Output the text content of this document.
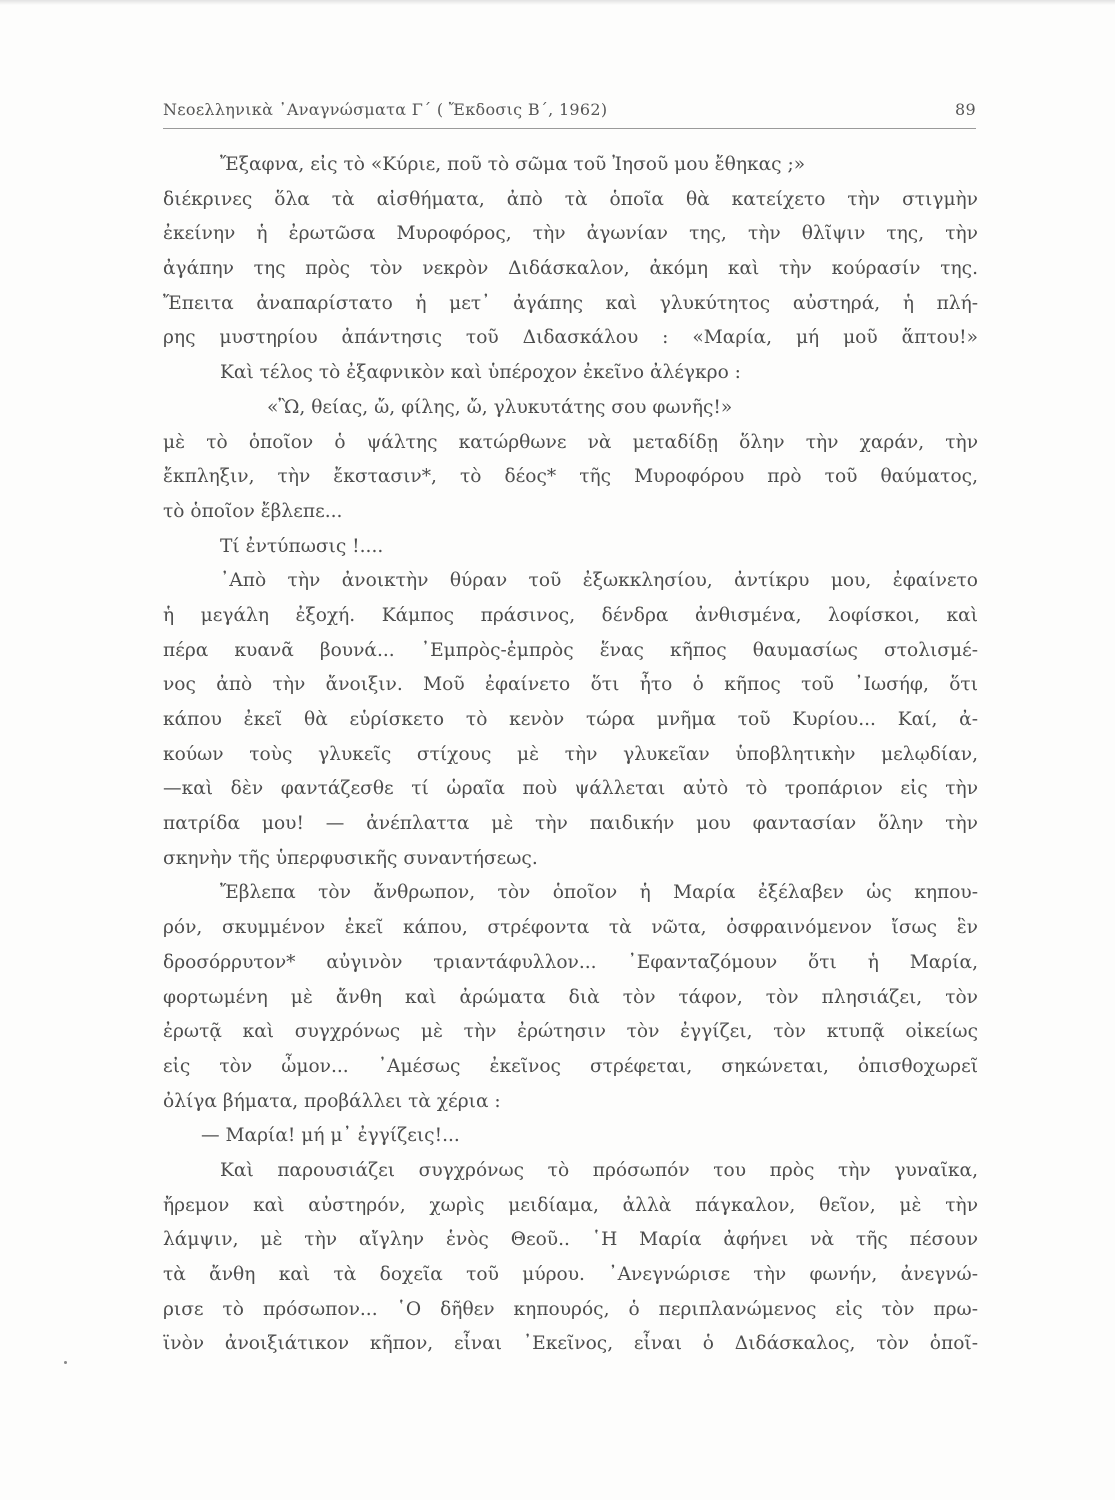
Νεοελληνικὰ ᾿Αναγνώσματα Γ΄ ( Ἔκδοσις Β΄, 1962)	89
Ἔξαφνα, εἰς τὸ «Κύριε, ποῦ τὸ σῶμα τοῦ Ἰησοῦ μου ἔθηκας ;»
διέκρινες ὅλα τὰ αἰσθήματα, ἀπὸ τὰ ὁποῖα θὰ κατείχετο τὴν στιγμὴν
ἐκείνην ἡ ἐρωτῶσα Μυροφόρος, τὴν ἀγωνίαν της, τὴν θλῖψιν της, τὴν
ἀγάπην της πρὸς τὸν νεκρὸν Διδάσκαλον, ἀκόμη καὶ τὴν κούρασίν της.
Ἔπειτα ἀναπαρίστατο ἡ μετ᾿ ἀγάπης καὶ γλυκύτητος αὐστηρά, ἡ πλή-
ρης μυστηρίου ἀπάντησις τοῦ Διδασκάλου : «Μαρία, μή μοῦ ἅπτου!»
Καὶ τέλος τὸ ἐξαφνικὸν καὶ ὑπέροχον ἐκεῖνο ἀλέγκρο :
«Ὢ, θείας, ὤ, φίλης, ὤ, γλυκυτάτης σου φωνῆς!»
μὲ τὸ ὁποῖον ὁ ψάλτης κατώρθωνε νὰ μεταδίδῃ ὅλην τὴν χαράν, τὴν
ἔκπληξιν, τὴν ἔκστασιν*, τὸ δέος* τῆς Μυροφόρου πρὸ τοῦ θαύματος,
τὸ ὁποῖον ἔβλεπε...
Τί ἐντύπωσις !....
᾿Απὸ τὴν ἀνοικτὴν θύραν τοῦ ἐξωκκλησίου, ἀντίκρυ μου, ἐφαίνετο
ἡ μεγάλη ἐξοχή. Κάμπος πράσινος, δένδρα ἀνθισμένα, λοφίσκοι, καὶ
πέρα κυανᾶ βουνά... ᾿Εμπρὸς-ἐμπρὸς ἕνας κῆπος θαυμασίως στολισμέ-
νος ἀπὸ τὴν ἄνοιξιν. Μοῦ ἐφαίνετο ὅτι ἦτο ὁ κῆπος τοῦ ᾿Ιωσήφ, ὅτι
κάπου ἐκεῖ θὰ εὑρίσκετο τὸ κενὸν τώρα μνῆμα τοῦ Κυρίου... Καί, ἀ-
κούων τοὺς γλυκεῖς στίχους μὲ τὴν γλυκεῖαν ὑποβλητικὴν μελῳδίαν,
—καὶ δὲν φαντάζεσθε τί ὡραῖα ποὺ ψάλλεται αὐτὸ τὸ τροπάριον εἰς τὴν
πατρίδα μου! — ἀνέπλαττα μὲ τὴν παιδικήν μου φαντασίαν ὅλην τὴν
σκηνὴν τῆς ὑπερφυσικῆς συναντήσεως.
Ἔβλεπα τὸν ἄνθρωπον, τὸν ὁποῖον ἡ Μαρία ἐξέλαβεν ὡς κηπου-
ρόν, σκυμμένον ἐκεῖ κάπου, στρέφοντα τὰ νῶτα, ὀσφραινόμενον ἴσως ἓν
δροσόρρυτον* αὐγινὸν τριαντάφυλλον... ᾿Εφανταζόμουν ὅτι ἡ Μαρία,
φορτωμένη μὲ ἄνθη καὶ ἀρώματα διὰ τὸν τάφον, τὸν πλησιάζει, τὸν
ἐρωτᾷ καὶ συγχρόνως μὲ τὴν ἐρώτησιν τὸν ἐγγίζει, τὸν κτυπᾷ οἰκείως
εἰς τὸν ὦμον... ᾿Αμέσως ἐκεῖνος στρέφεται, σηκώνεται, ὀπισθοχωρεῖ
ὀλίγα βήματα, προβάλλει τὰ χέρια :
— Μαρία! μή μ᾿ ἐγγίζεις!...
Καὶ παρουσιάζει συγχρόνως τὸ πρόσωπόν του πρὸς τὴν γυναῖκα,
ἤρεμον καὶ αὐστηρόν, χωρὶς μειδίαμα, ἀλλὰ πάγκαλον, θεῖον, μὲ τὴν
λάμψιν, μὲ τὴν αἴγλην ἑνὸς Θεοῦ.. ῾Η Μαρία ἀφήνει νὰ τῆς πέσουν
τὰ ἄνθη καὶ τὰ δοχεῖα τοῦ μύρου. ᾿Ανεγνώρισε τὴν φωνήν, ἀνεγνώ-
ρισε τὸ πρόσωπον... ῾Ο δῆθεν κηπουρός, ὁ περιπλανώμενος εἰς τὸν πρω-
ϊνὸν ἀνοιξιάτικον κῆπον, εἶναι ᾿Εκεῖνος, εἶναι ὁ Διδάσκαλος, τὸν ὁποῖ-
